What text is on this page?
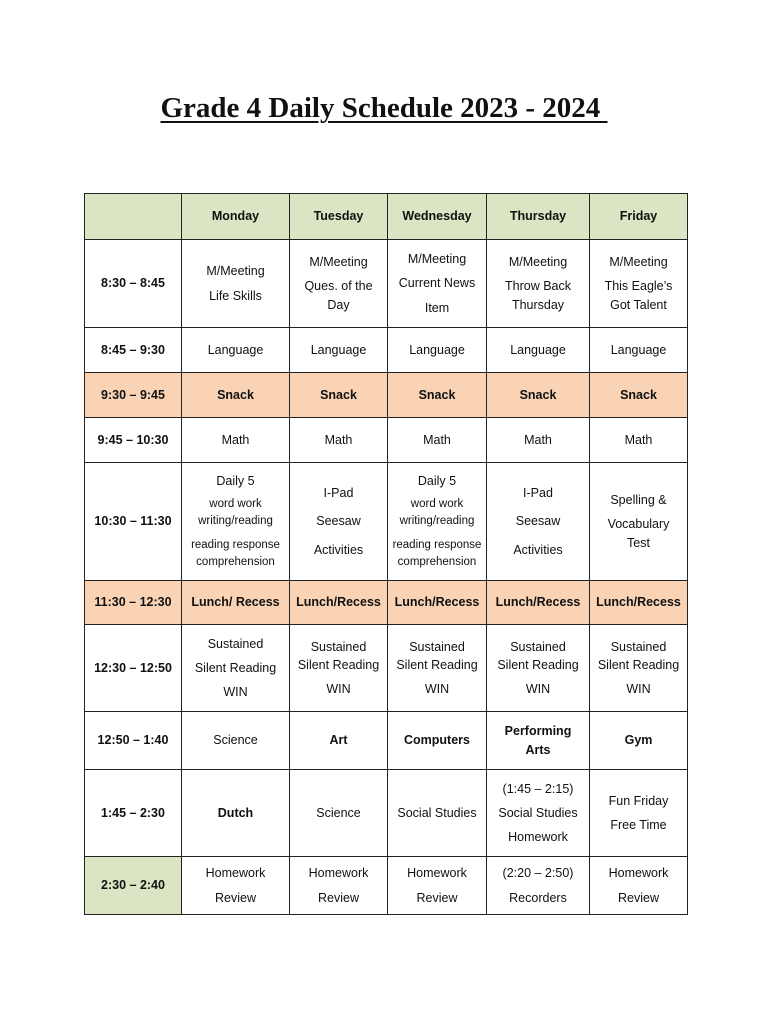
Grade 4 Daily Schedule 2023 - 2024
	Monday	Tuesday	Wednesday	Thursday	Friday
8:30 – 8:45	M/Meeting
Life Skills	M/Meeting
Ques. of the
Day	M/Meeting
Current News
Item	M/Meeting
Throw Back
Thursday	M/Meeting
This Eagle’s
Got Talent

8:45 – 9:30	Language	Language	Language	Language	Language
9:30 – 9:45	Snack	Snack	Snack	Snack	Snack
9:45 – 10:30	Math	Math	Math	Math	Math
10:30 – 11:30	Daily 5
word work
writing/reading
reading response
comprehension	I-Pad
Seesaw
Activities	Daily 5
word work
writing/reading
reading response
comprehension	I-Pad
Seesaw
Activities	Spelling &
Vocabulary
Test

11:30 – 12:30	Lunch/ Recess	Lunch/Recess	Lunch/Recess	Lunch/Recess	Lunch/Recess
12:30 – 12:50	Sustained
Silent Reading
WIN	Sustained
Silent Reading
WIN	Sustained
Silent Reading
WIN	Sustained
Silent Reading
WIN	Sustained
Silent Reading
WIN

12:50 – 1:40	Science	Art	Computers	Performing
Arts	Gym
1:45 – 2:30	Dutch	Science	Social Studies	(1:45 – 2:15)
Social Studies
Homework	Fun Friday
Free Time

2:30 – 2:40	Homework
Review	Homework
Review	Homework
Review	(2:20 – 2:50)
Recorders	Homework
Review
